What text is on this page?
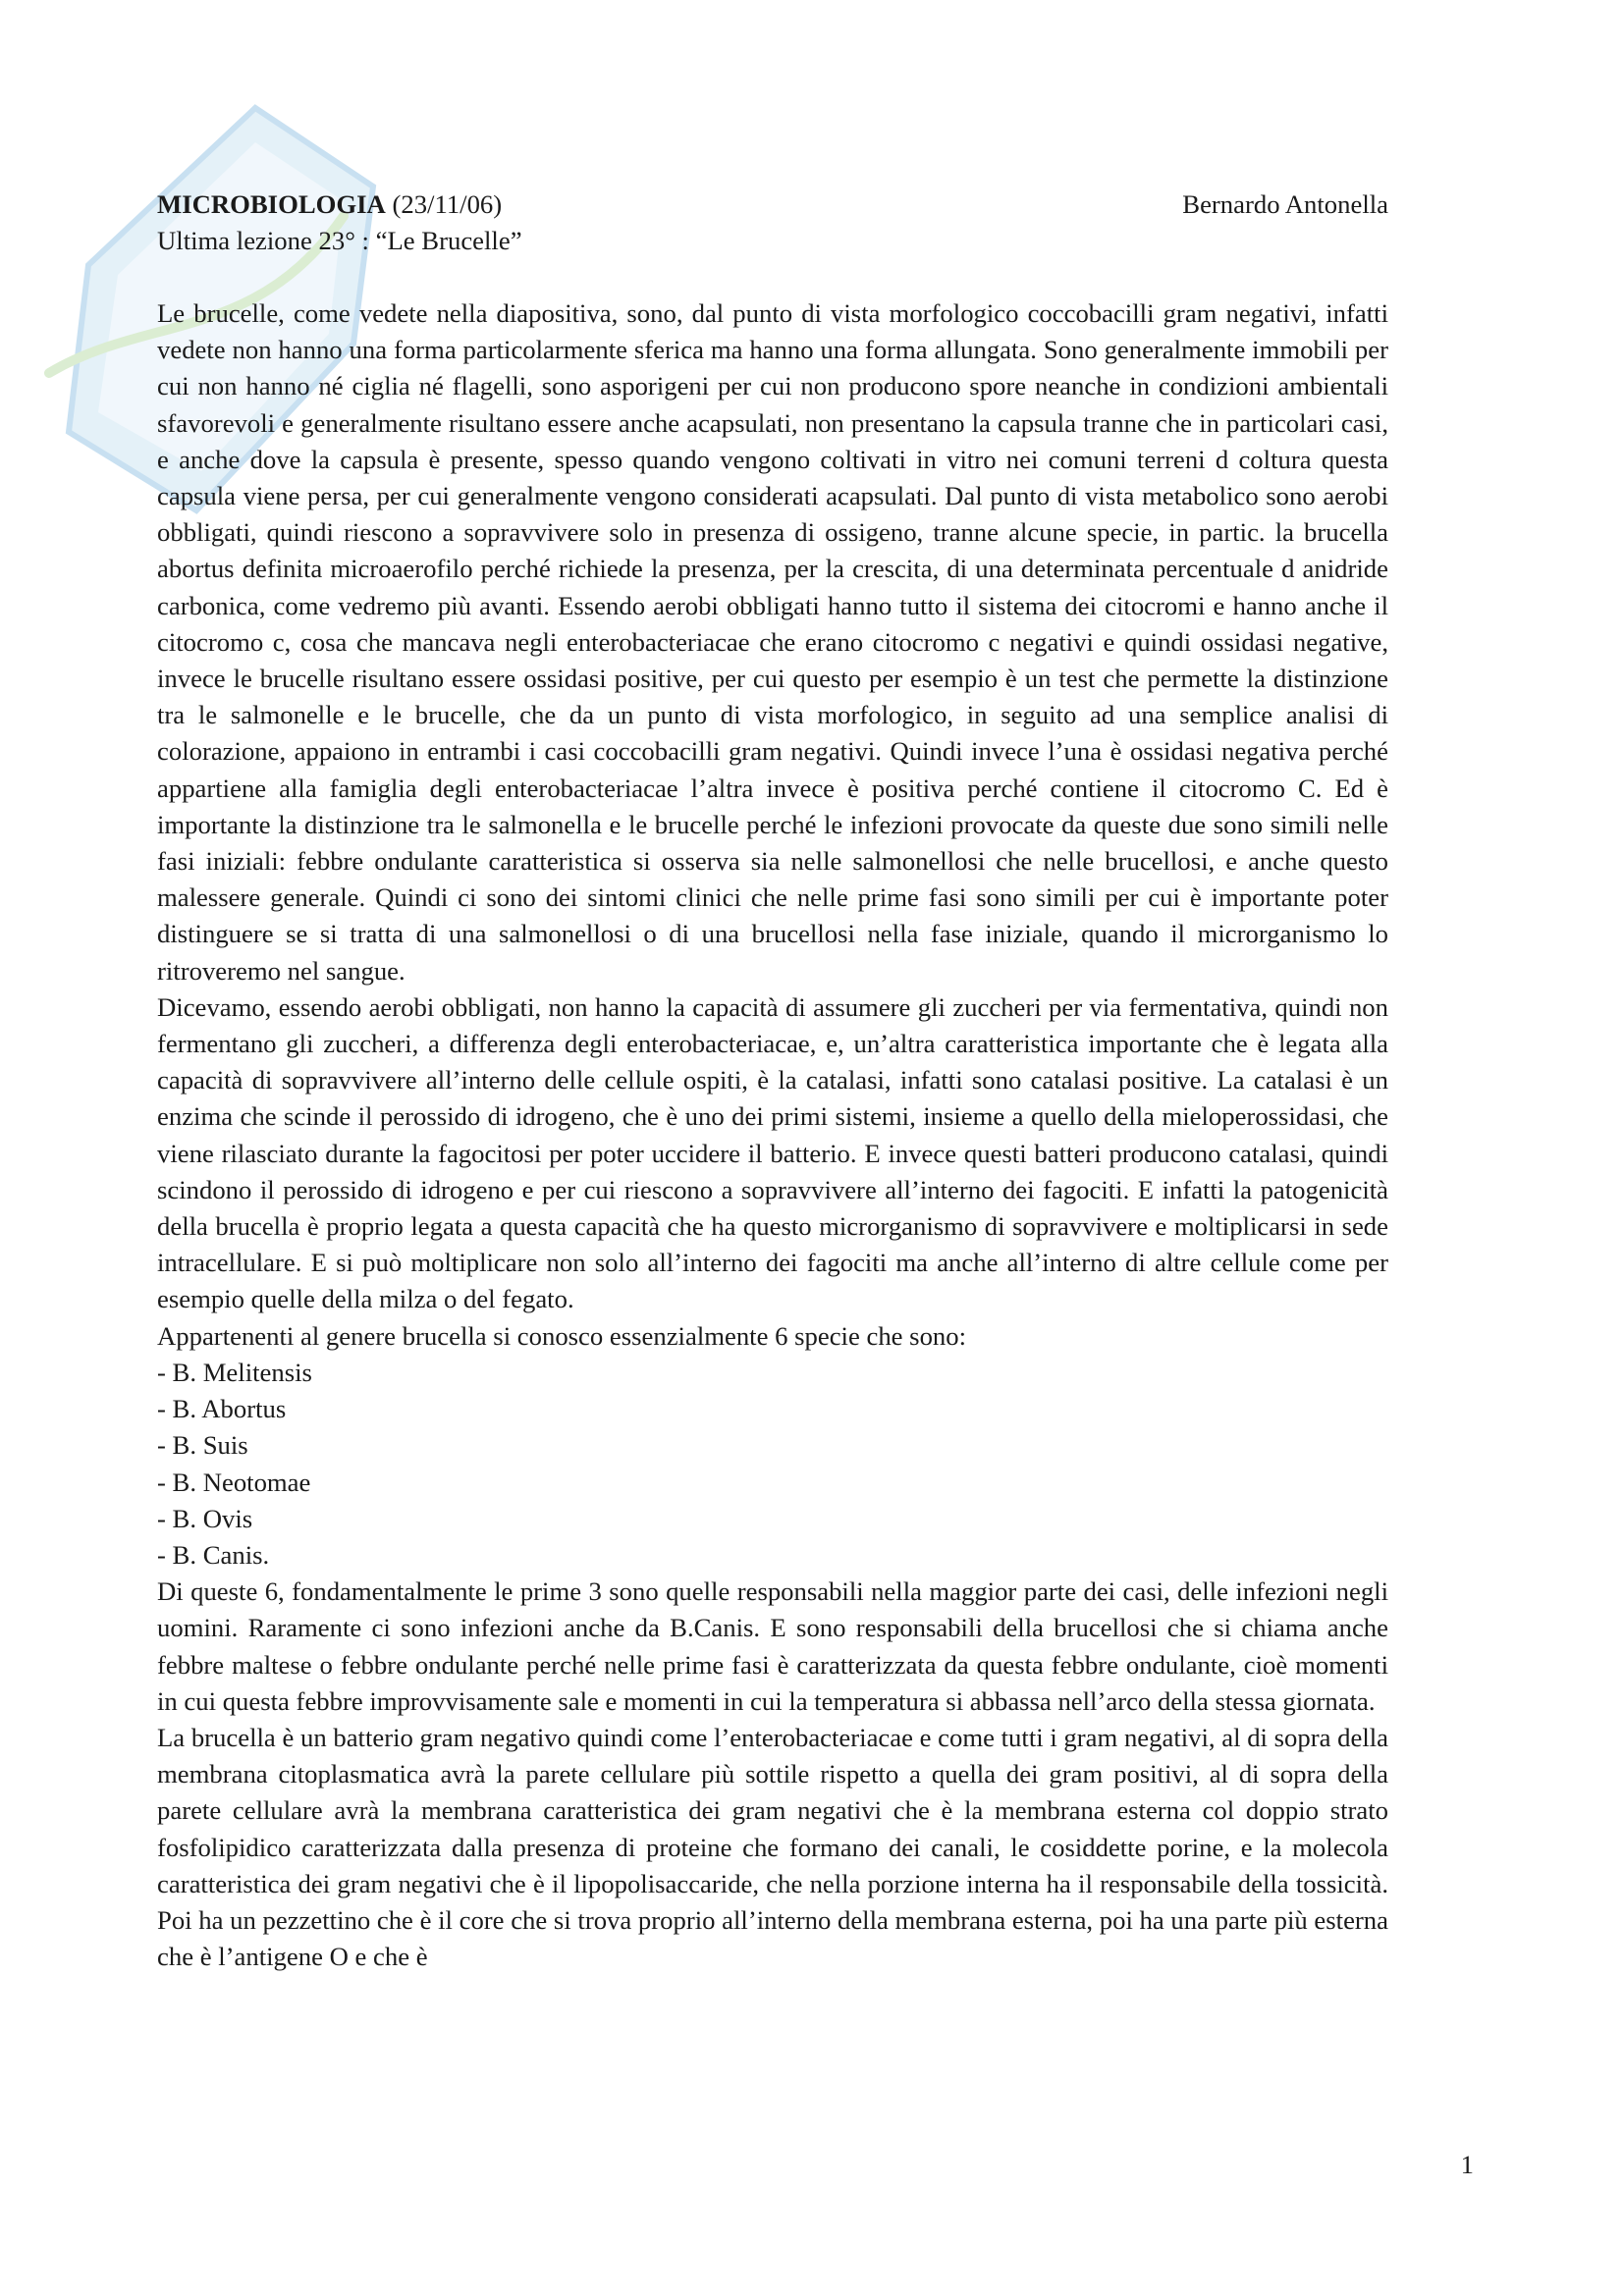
MICROBIOLOGIA (23/11/06)	Bernardo Antonella
Ultima lezione 23° : “Le Brucelle”

Le brucelle, come vedete nella diapositiva, sono, dal punto di vista morfologico coccobacilli gram negativi, infatti vedete non hanno una forma particolarmente sferica ma hanno una forma allungata. Sono generalmente immobili per cui non hanno né ciglia né flagelli, sono asporigeni per cui non producono spore neanche in condizioni ambientali sfavorevoli e generalmente risultano essere anche acapsulati, non presentano la capsula tranne che in particolari casi, e anche dove la capsula è presente, spesso quando vengono coltivati in vitro nei comuni terreni d coltura questa capsula viene persa, per cui generalmente vengono considerati acapsulati. Dal punto di vista metabolico sono aerobi obbligati, quindi riescono a sopravvivere solo in presenza di ossigeno, tranne alcune specie, in partic. la brucella abortus definita microaerofilo perché richiede la presenza, per la crescita, di una determinata percentuale d anidride carbonica, come vedremo più avanti. Essendo aerobi obbligati hanno tutto il sistema dei citocromi e hanno anche il citocromo c, cosa che mancava negli enterobacteriacae che erano citocromo c negativi e quindi ossidasi negative, invece le brucelle risultano essere ossidasi positive, per cui questo per esempio è un test che permette la distinzione tra le salmonelle e le brucelle, che da un punto di vista morfologico, in seguito ad una semplice analisi di colorazione, appaiono in entrambi i casi coccobacilli gram negativi. Quindi invece l’una è ossidasi negativa perché appartiene alla famiglia degli enterobacteriacae l’altra invece è positiva perché contiene il citocromo C. Ed è importante la distinzione tra le salmonella e le brucelle perché le infezioni provocate da queste due sono simili nelle fasi iniziali: febbre ondulante caratteristica si osserva sia nelle salmonellosi che nelle brucellosi, e anche questo malessere generale. Quindi ci sono dei sintomi clinici che nelle prime fasi sono simili per cui è importante poter distinguere se si tratta di una salmonellosi o di una brucellosi nella fase iniziale, quando il microrganismo lo ritroveremo nel sangue.

Dicevamo, essendo aerobi obbligati, non hanno la capacità di assumere gli zuccheri per via fermentativa, quindi non fermentano gli zuccheri, a differenza degli enterobacteriacae, e, un’altra caratteristica importante che è legata alla capacità di sopravvivere all’interno delle cellule ospiti, è la catalasi, infatti sono catalasi positive. La catalasi è un enzima che scinde il perossido di idrogeno, che è uno dei primi sistemi, insieme a quello della mieloperossidasi, che viene rilasciato durante la fagocitosi per poter uccidere il batterio. E invece questi batteri producono catalasi, quindi scindono il perossido di idrogeno e per cui riescono a sopravvivere all’interno dei fagociti. E infatti la patogenicità della brucella è proprio legata a questa capacità che ha questo microrganismo di sopravvivere e moltiplicarsi in sede intracellulare. E si può moltiplicare non solo all’interno dei fagociti ma anche all’interno di altre cellule come per esempio quelle della milza o del fegato.

Appartenenti al genere brucella si conosco essenzialmente 6 specie che sono:

- B. Melitensis
- B. Abortus
- B. Suis
- B. Neotomae
- B. Ovis
- B. Canis.

Di queste 6, fondamentalmente le prime 3 sono quelle responsabili nella maggior parte dei casi, delle infezioni negli uomini. Raramente ci sono infezioni anche da B.Canis. E sono responsabili della brucellosi che si chiama anche febbre maltese o febbre ondulante perché nelle prime fasi è caratterizzata da questa febbre ondulante, cioè momenti in cui questa febbre improvvisamente sale e momenti in cui la temperatura si abbassa nell’arco della stessa giornata.

La brucella è un batterio gram negativo quindi come l’enterobacteriacae e come tutti i gram negativi, al di sopra della membrana citoplasmatica avrà la parete cellulare più sottile rispetto a quella dei gram positivi, al di sopra della parete cellulare avrà la membrana caratteristica dei gram negativi che è la membrana esterna col doppio strato fosfolipidico caratterizzata dalla presenza di proteine che formano dei canali, le cosiddette porine, e la molecola caratteristica dei gram negativi che è il lipopolisaccaride, che nella porzione interna ha il responsabile della tossicità. Poi ha un pezzettino che è il core che si trova proprio all’interno della membrana esterna, poi ha una parte più esterna che è l’antigene O e che è

1
